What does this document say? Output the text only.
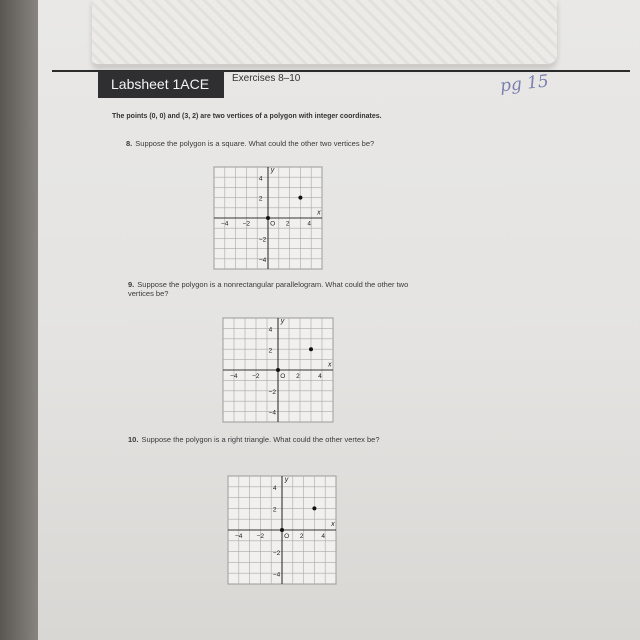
Labsheet 1ACE	Exercises 8–10	pg 15
The points (0, 0) and (3, 2) are two vertices of a polygon with integer coordinates.
8. Suppose the polygon is a square. What could the other two vertices be?
x
y
−4 −2	O 2	4
4
2
−2
−4
9. Suppose the polygon is a nonrectangular parallelogram. What could the other two vertices be?
x
y
−4 −2	O 2	4
4
2
−2
−4
10. Suppose the polygon is a right triangle. What could the other vertex be?
x
y
−4 −2	O 2	4
4
2
−2
−4
